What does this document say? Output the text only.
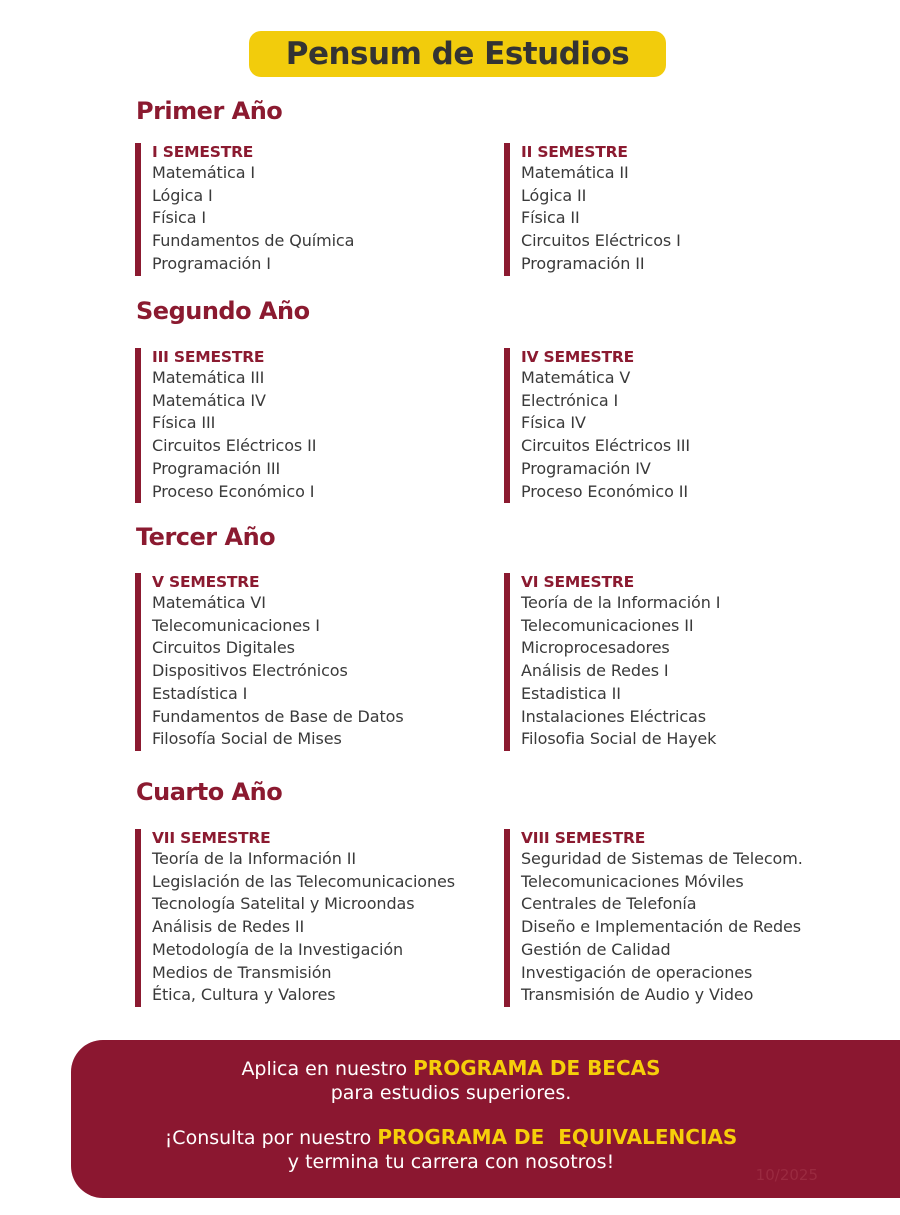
Pensum de Estudios
Primer Año
I SEMESTRE
Matemática I
Lógica I
Física I
Fundamentos de Química
Programación I
II SEMESTRE
Matemática II
Lógica II
Física II
Circuitos Eléctricos I
Programación II
Segundo Año
III SEMESTRE
Matemática III
Matemática IV
Física III
Circuitos Eléctricos II
Programación III
Proceso Económico I
IV SEMESTRE
Matemática V
Electrónica I
Física IV
Circuitos Eléctricos III
Programación IV
Proceso Económico II
Tercer Año
V SEMESTRE
Matemática VI
Telecomunicaciones I
Circuitos Digitales
Dispositivos Electrónicos
Estadística I
Fundamentos de Base de Datos
Filosofía Social de Mises
VI SEMESTRE
Teoría de la Información I
Telecomunicaciones II
Microprocesadores
Análisis de Redes I
Estadistica II
Instalaciones Eléctricas
Filosofia Social de Hayek
Cuarto Año
VII SEMESTRE
Teoría de la Información II
Legislación de las Telecomunicaciones
Tecnología Satelital y Microondas
Análisis de Redes II
Metodología de la Investigación
Medios de Transmisión
Ética, Cultura y Valores
VIII SEMESTRE
Seguridad de Sistemas de Telecom.
Telecomunicaciones Móviles
Centrales de Telefonía
Diseño e Implementación de Redes
Gestión de Calidad
Investigación de operaciones
Transmisión de Audio y Video
Aplica en nuestro PROGRAMA DE BECAS
para estudios superiores.
¡Consulta por nuestro PROGRAMA DE  EQUIVALENCIAS
y termina tu carrera con nosotros!
10/2025
